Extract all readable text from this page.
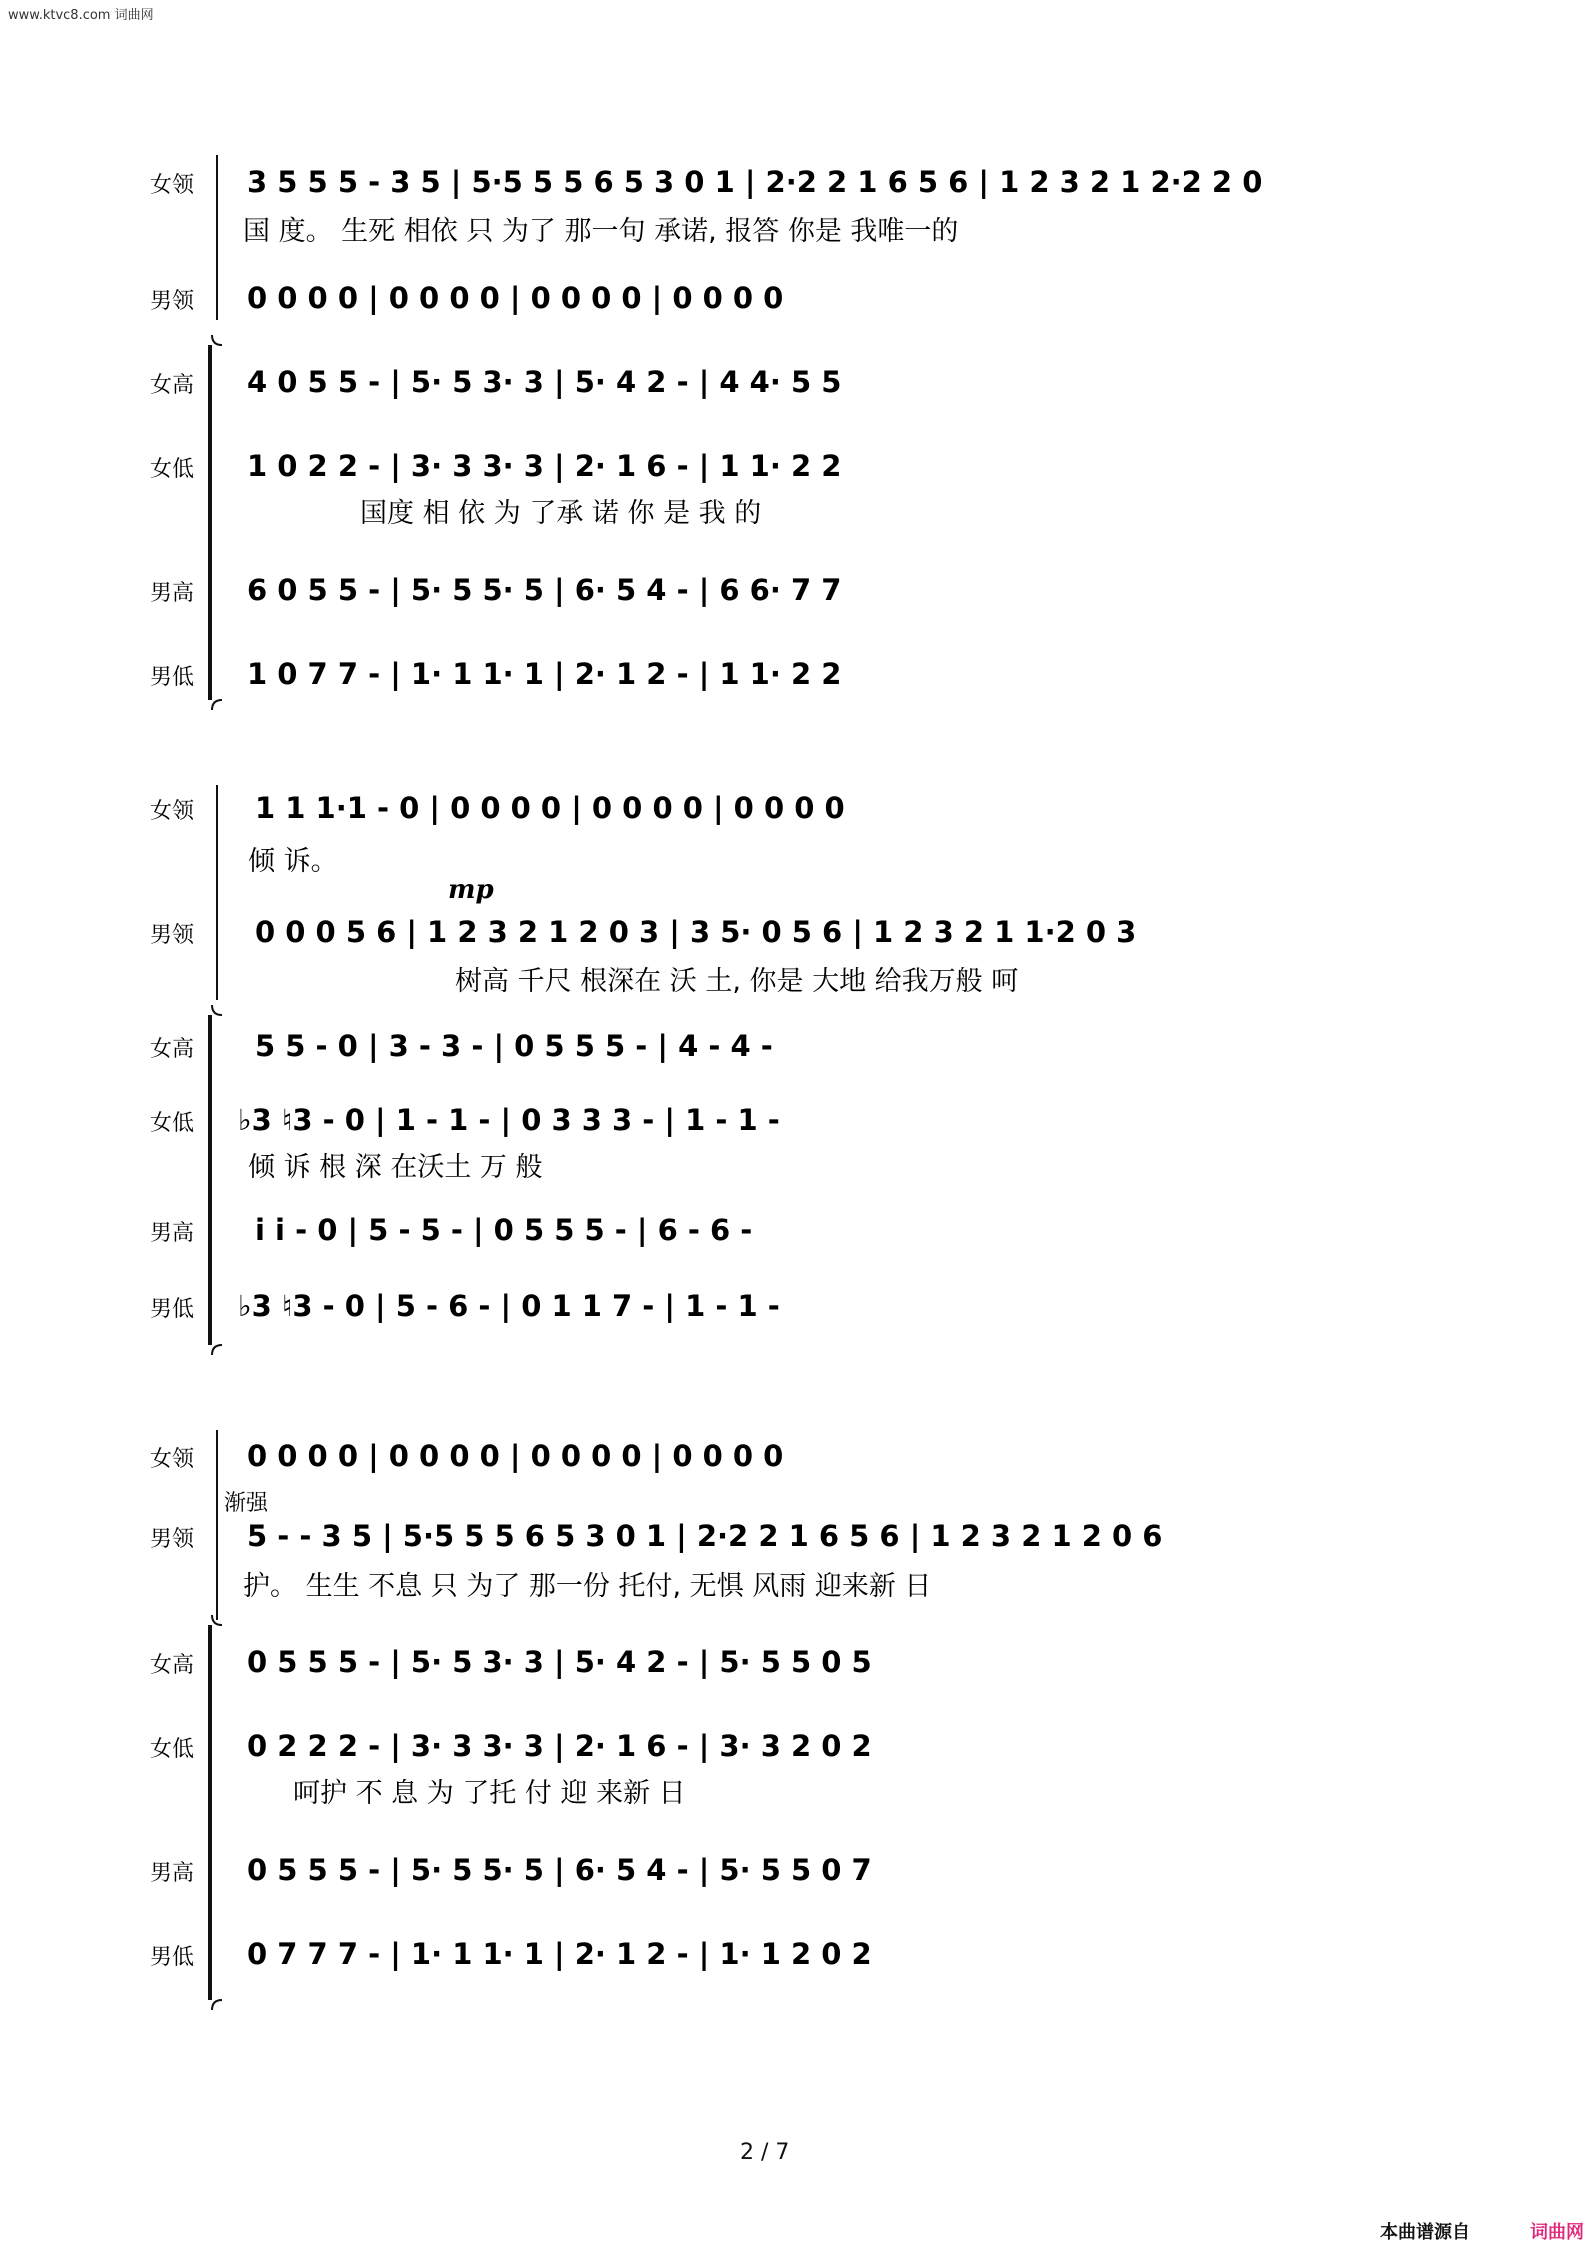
www.ktvc8.com 词曲网
女领 3 5 5 5 - 3 5 | 5·5 5 5 6 5 3 0 1 | 2·2 2 1 6 5 6 | 1 2 3 2 1 2·2 2 0
国 度。 生死 相依 只 为了 那一句 承诺, 报答 你是 我唯一的
男领 0 0 0 0 | 0 0 0 0 | 0 0 0 0 | 0 0 0 0
女高 4 0 5 5 - | 5· 5 3· 3 | 5· 4 2 - | 4 4· 5 5
女低 1 0 2 2 - | 3· 3 3· 3 | 2· 1 6 - | 1 1· 2 2
国度 相 依 为 了承 诺 你 是 我 的
男高 6 0 5 5 - | 5· 5 5· 5 | 6· 5 4 - | 6 6· 7 7
男低 1 0 7 7 - | 1· 1 1· 1 | 2· 1 2 - | 1 1· 2 2
mp
女领 1 1 1·1 - 0 | 0 0 0 0 | 0 0 0 0 | 0 0 0 0
倾 诉。
男领 0 0 0 5 6 | 1 2 3 2 1 2 0 3 | 3 5· 0 5 6 | 1 2 3 2 1 1·2 0 3
树高 千尺 根深在 沃 土, 你是 大地 给我万般 呵
女高 5 5 - 0 | 3 - 3 - | 0 5 5 5 - | 4 - 4 -
女低 ♭3 ♮3 - 0 | 1 - 1 - | 0 3 3 3 - | 1 - 1 -
倾 诉 根 深 在沃土 万 般
男高 i i - 0 | 5 - 5 - | 0 5 5 5 - | 6 - 6 -
男低 ♭3 ♮3 - 0 | 5 - 6 - | 0 1 1 7 - | 1 - 1 -
渐强
女领 0 0 0 0 | 0 0 0 0 | 0 0 0 0 | 0 0 0 0
男领 5 - - 3 5 | 5·5 5 5 6 5 3 0 1 | 2·2 2 1 6 5 6 | 1 2 3 2 1 2 0 6
护。 生生 不息 只 为了 那一份 托付, 无惧 风雨 迎来新 日
女高 0 5 5 5 - | 5· 5 3· 3 | 5· 4 2 - | 5· 5 5 0 5
女低 0 2 2 2 - | 3· 3 3· 3 | 2· 1 6 - | 3· 3 2 0 2
呵护 不 息 为 了托 付 迎 来新 日
男高 0 5 5 5 - | 5· 5 5· 5 | 6· 5 4 - | 5· 5 5 0 7
男低 0 7 7 7 - | 1· 1 1· 1 | 2· 1 2 - | 1· 1 2 0 2
2 / 7
本曲谱源自	词曲网
